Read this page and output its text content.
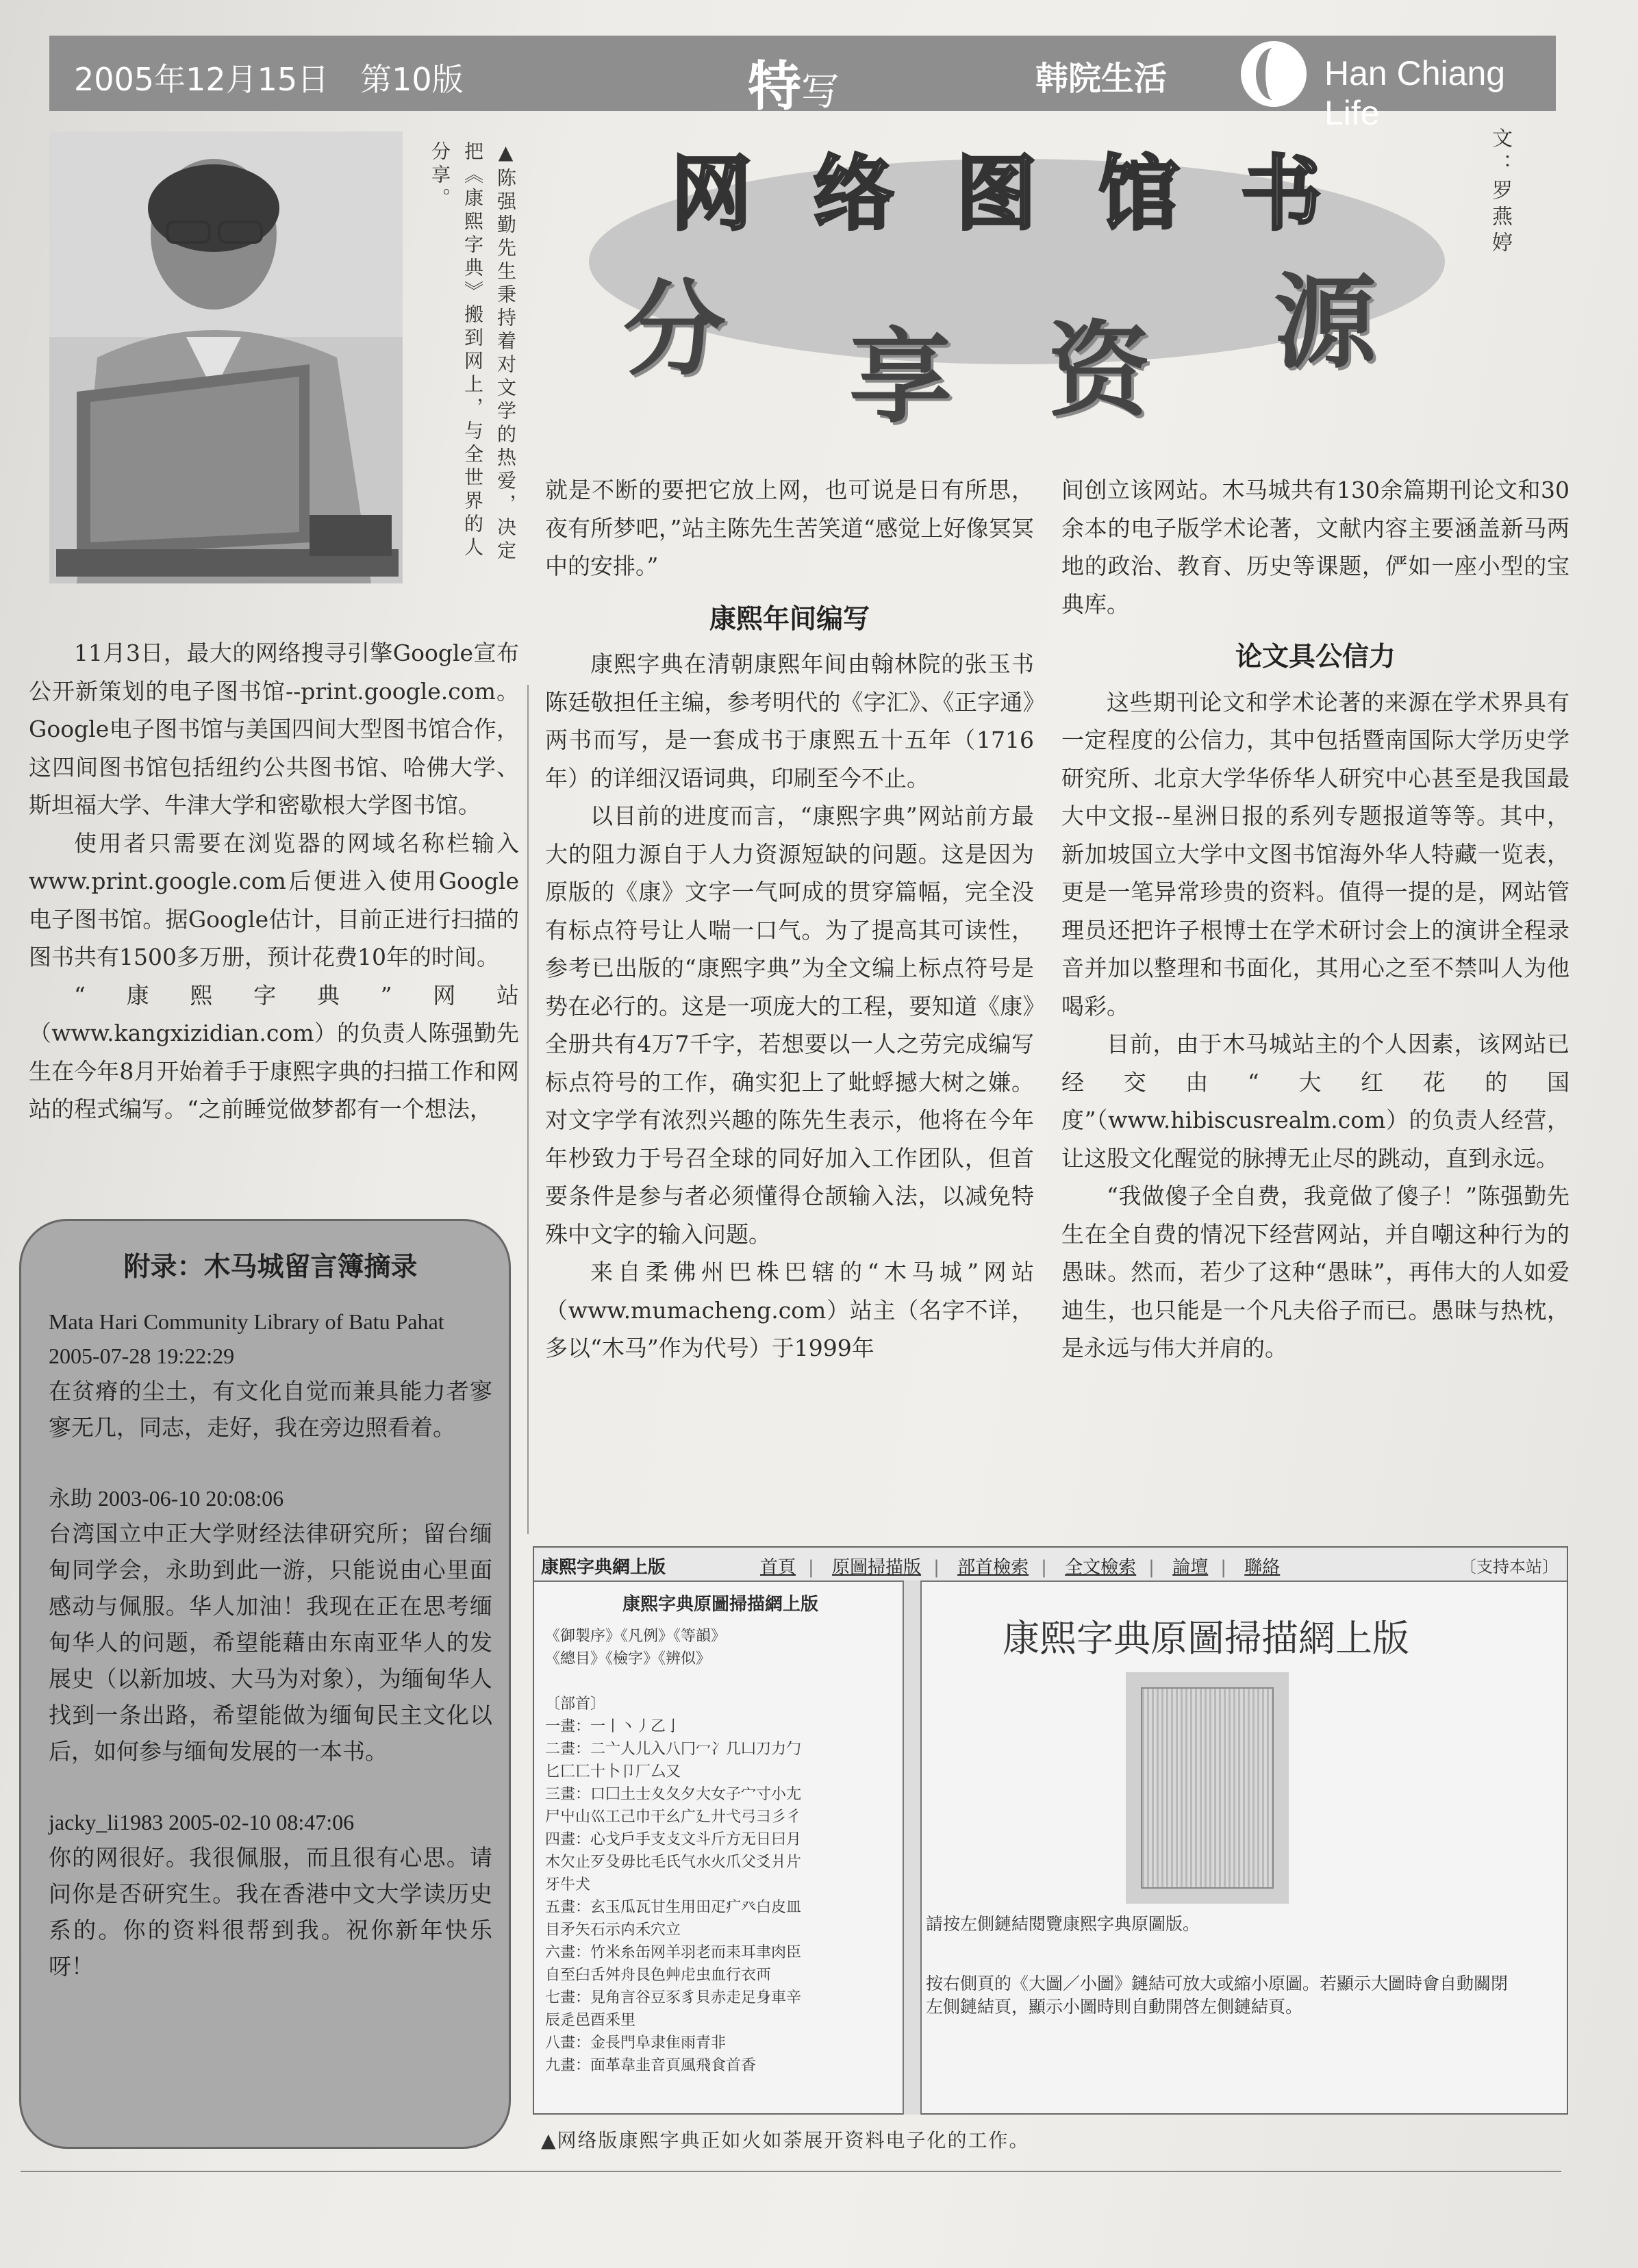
2005年12月15日　 第10版	特写	韩院生活	Han Chiang Life
▲陈强勤先生秉持着对文学的热爱，决定把《康熙字典》搬到网上，与全世界的人分享。	网络图馆书
分 享 资 源
文：罗燕婷

11月3日，最大的网络搜寻引擎Google宣布公开新策划的电子图书馆--print.google.com。Google电子图书馆与美国四间大型图书馆合作，这四间图书馆包括纽约公共图书馆、哈佛大学、斯坦福大学、牛津大学和密歇根大学图书馆。

使用者只需要在浏览器的网域名称栏输入www.print.google.com后便进入使用Google电子图书馆。据Google估计，目前正进行扫描的图书共有1500多万册，预计花费10年的时间。

“康熙字典”网站（www.kangxizidian.com）的负责人陈强勤先生在今年8月开始着手于康熙字典的扫描工作和网站的程式编写。“之前睡觉做梦都有一个想法，

就是不断的要把它放上网，也可说是日有所思，夜有所梦吧，”站主陈先生苦笑道“感觉上好像冥冥中的安排。”

康熙年间编写

康熙字典在清朝康熙年间由翰林院的张玉书陈廷敬担任主编，参考明代的《字汇》、《正字通》两书而写，是一套成书于康熙五十五年（1716年）的详细汉语词典，印刷至今不止。

以目前的进度而言，“康熙字典”网站前方最大的阻力源自于人力资源短缺的问题。这是因为原版的《康》文字一气呵成的贯穿篇幅，完全没有标点符号让人喘一口气。为了提高其可读性，参考已出版的“康熙字典”为全文编上标点符号是势在必行的。这是一项庞大的工程，要知道《康》全册共有4万7千字，若想要以一人之劳完成编写标点符号的工作，确实犯上了蚍蜉撼大树之嫌。对文字学有浓烈兴趣的陈先生表示，他将在今年年杪致力于号召全球的同好加入工作团队，但首要条件是参与者必须懂得仓颉输入法，以减免特殊中文字的输入问题。

来自柔佛州巴株巴辖的“木马城”网站（www.mumacheng.com）站主（名字不详，多以“木马”作为代号）于1999年

间创立该网站。木马城共有130余篇期刊论文和30余本的电子版学术论著，文献内容主要涵盖新马两地的政治、教育、历史等课题，俨如一座小型的宝典库。

论文具公信力

这些期刊论文和学术论著的来源在学术界具有一定程度的公信力，其中包括暨南国际大学历史学研究所、北京大学华侨华人研究中心甚至是我国最大中文报--星洲日报的系列专题报道等等。其中，新加坡国立大学中文图书馆海外华人特藏一览表，更是一笔异常珍贵的资料。值得一提的是，网站管理员还把许子根博士在学术研讨会上的演讲全程录音并加以整理和书面化，其用心之至不禁叫人为他喝彩。

目前，由于木马城站主的个人因素，该网站已经交由“大红花的国度”（www.hibiscusrealm.com）的负责人经营，让这股文化醒觉的脉搏无止尽的跳动，直到永远。

“我做傻子全自费，我竟做了傻子！”陈强勤先生在全自费的情况下经营网站，并自嘲这种行为的愚昧。然而，若少了这种“愚昧”，再伟大的人如爱迪生，也只能是一个凡夫俗子而已。愚昧与热枕，是永远与伟大并肩的。

附录：木马城留言簿摘录
Mata Hari Community Library of Batu Pahat 2005-07-28 19:22:29
在贫瘠的尘土，有文化自觉而兼具能力者寥寥无几，同志，走好，我在旁边照看着。
永助 2003-06-10 20:08:06
台湾国立中正大学财经法律研究所；留台缅甸同学会，永助到此一游，只能说由心里面感动与佩服。华人加油！我现在正在思考缅甸华人的问题，希望能藉由东南亚华人的发展史（以新加坡、大马为对象），为缅甸华人找到一条出路，希望能做为缅甸民主文化以后，如何参与缅甸发展的一本书。
jacky_li1983 2005-02-10 08:47:06
你的网很好。我很佩服，而且很有心思。请问你是否研究生。我在香港中文大学读历史系的。你的资料很帮到我。祝你新年快乐呀！
康熙字典網上版	首頁 | 原圖掃描版 | 部首檢索 | 全文檢索 | 論壇 | 聯絡	〔支持本站〕
康熙字典原圖掃描網上版
《御製序》《凡例》《等韻》
《總目》《檢字》《辨似》

〔部首〕
一畫：一丨丶丿乙亅
二畫：二亠人儿入八冂冖冫几凵刀力勹
匕匚匸十卜卩厂厶又
三畫：口囗土士夊夂夕大女子宀寸小尢
尸屮山巛工己巾干幺广廴廾弋弓彐彡彳
四畫：心戈戶手支攴文斗斤方无日曰月
木欠止歹殳毋比毛氏气水火爪父爻爿片
牙牛犬
五畫：玄玉瓜瓦甘生用田疋疒癶白皮皿
目矛矢石示禸禾穴立
六畫：竹米糸缶网羊羽老而耒耳聿肉臣
自至臼舌舛舟艮色艸虍虫血行衣襾
七畫：見角言谷豆豕豸貝赤走足身車辛
辰辵邑酉釆里
八畫：金長門阜隶隹雨青非
九畫：面革韋韭音頁風飛食首香
康熙字典原圖掃描網上版
請按左側鏈結閱覽康熙字典原圖版。
按右側頁的《大圖／小圖》鏈結可放大或縮小原圖。若顯示大圖時會自動關閉左側鏈結頁，顯示小圖時則自動開啓左側鏈結頁。
▲网络版康熙字典正如火如荼展开资料电子化的工作。
